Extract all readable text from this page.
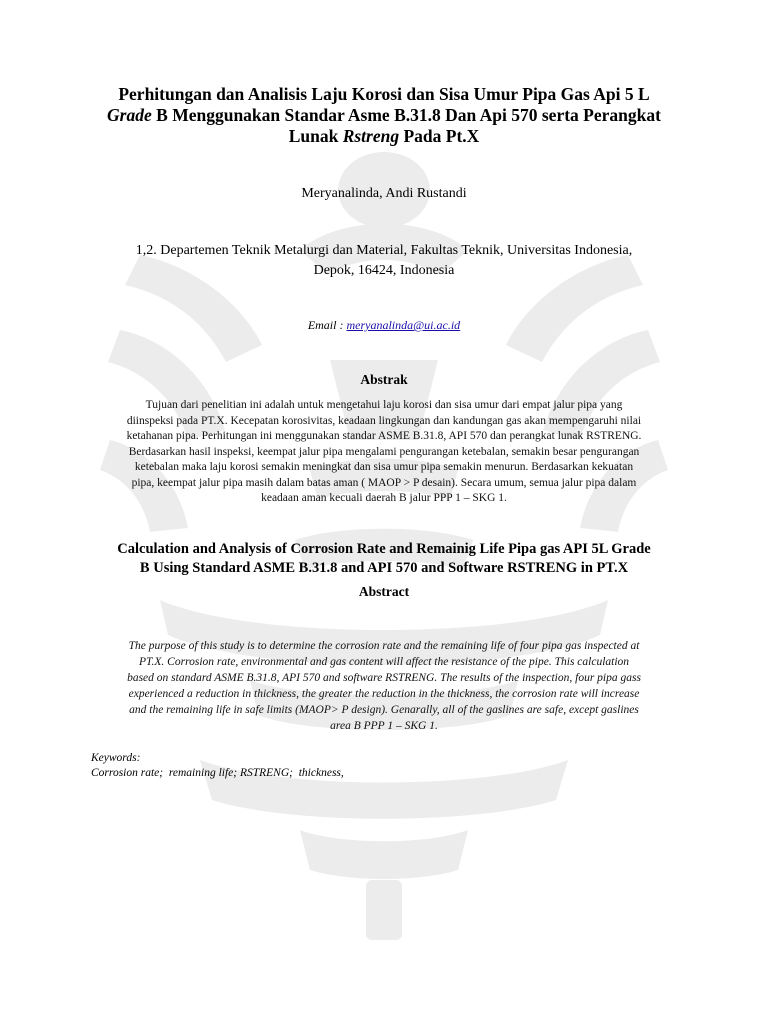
Perhitungan dan Analisis Laju Korosi dan Sisa Umur Pipa Gas Api 5 L
Grade B Menggunakan Standar Asme B.31.8 Dan Api 570 serta Perangkat
Lunak Rstreng Pada Pt.X
Meryanalinda, Andi Rustandi
1,2. Departemen Teknik Metalurgi dan Material, Fakultas Teknik, Universitas Indonesia,
Depok, 16424, Indonesia
Email : meryanalinda@ui.ac.id
Abstrak
Tujuan dari penelitian ini adalah untuk mengetahui laju korosi dan sisa umur dari empat jalur pipa yang
diinspeksi pada PT.X. Kecepatan korosivitas, keadaan lingkungan dan kandungan gas akan mempengaruhi nilai
ketahanan pipa. Perhitungan ini menggunakan standar ASME B.31.8, API 570 dan perangkat lunak RSTRENG.
Berdasarkan hasil inspeksi, keempat jalur pipa mengalami pengurangan ketebalan, semakin besar pengurangan
ketebalan maka laju korosi semakin meningkat dan sisa umur pipa semakin menurun. Berdasarkan kekuatan
pipa, keempat jalur pipa masih dalam batas aman ( MAOP > P desain). Secara umum, semua jalur pipa dalam
keadaan aman kecuali daerah B jalur PPP 1 – SKG 1.
Calculation and Analysis of Corrosion Rate and Remainig Life Pipa gas API 5L Grade
B Using Standard ASME B.31.8 and API 570 and Software RSTRENG in PT.X
Abstract
The purpose of this study is to determine the corrosion rate and the remaining life of four pipa gas inspected at
PT.X. Corrosion rate, environmental and gas content will affect the resistance of the pipe. This calculation
based on standard ASME B.31.8, API 570 and software RSTRENG. The results of the inspection, four pipa gass
experienced a reduction in thickness, the greater the reduction in the thickness, the corrosion rate will increase
and the remaining life in safe limits (MAOP> P design). Genarally, all of the gaslines are safe, except gaslines
area B PPP 1 – SKG 1.
Keywords:
Corrosion rate;  remaining life; RSTRENG;  thickness,
